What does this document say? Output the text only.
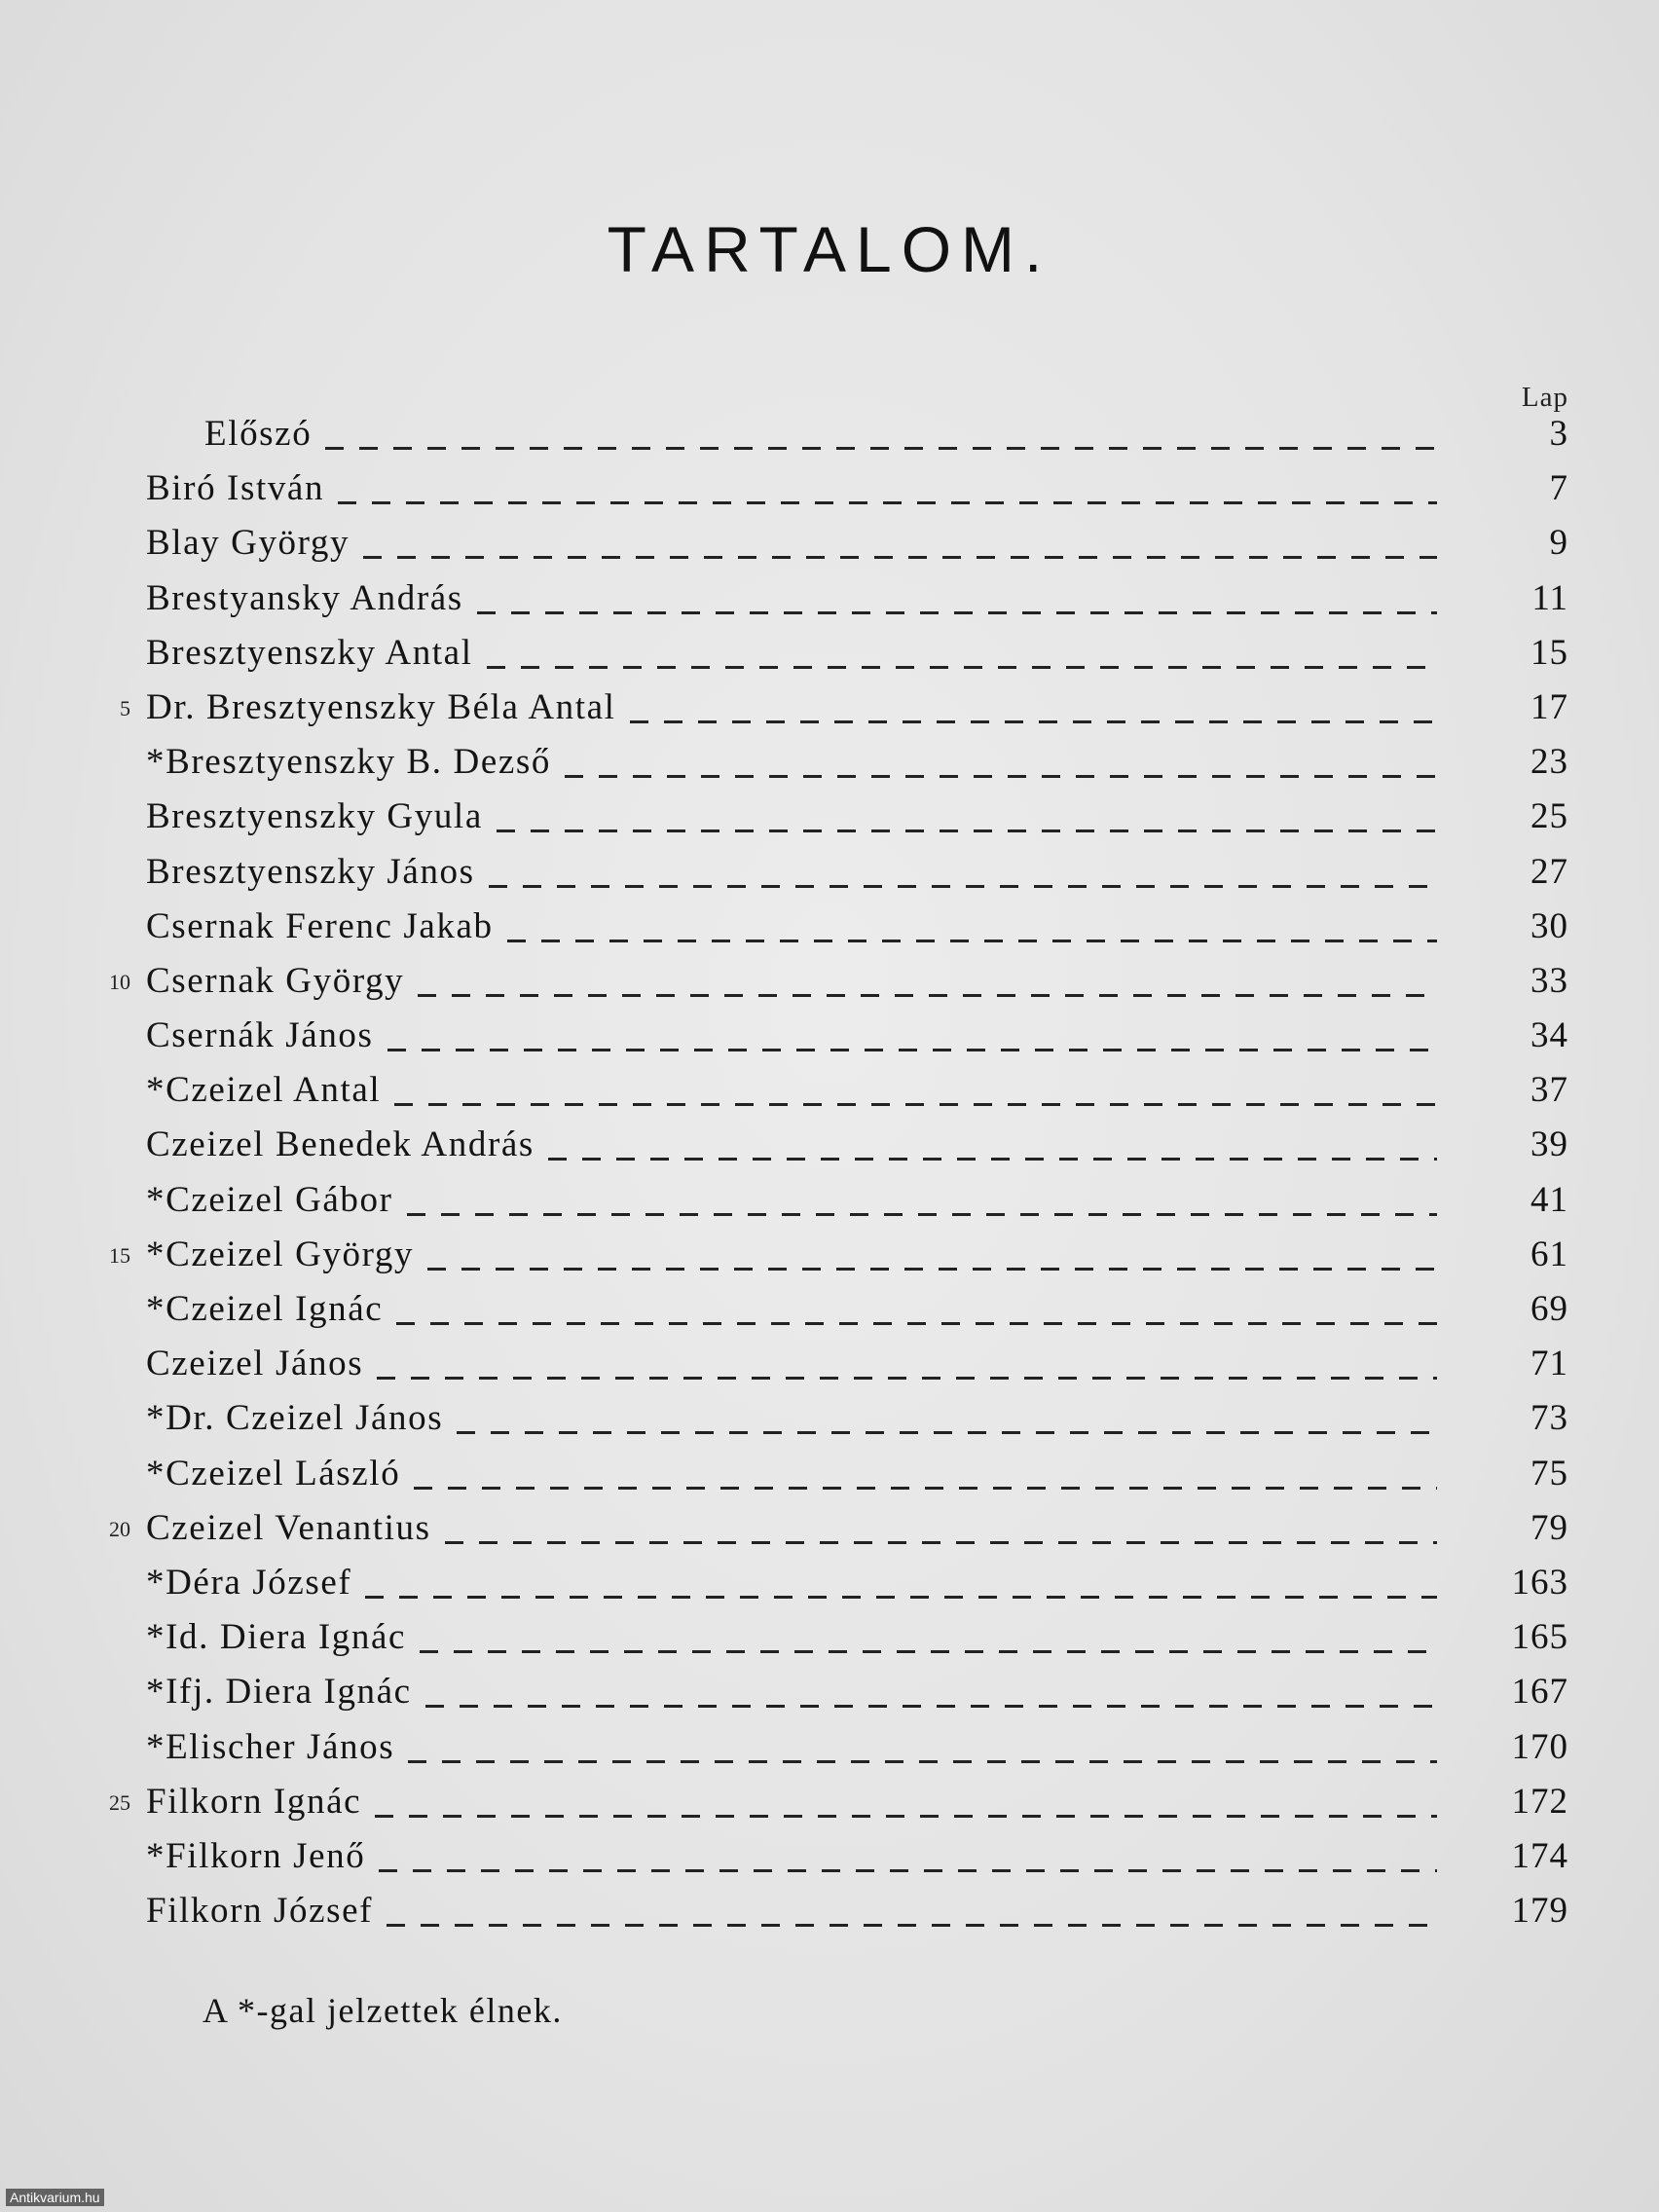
TARTALOM.
Lap
Előszó	3
Biró István	7
Blay György	9
Brestyansky András	11
Bresztyenszky Antal	15
5 Dr. Bresztyenszky Béla Antal	17
*Bresztyenszky B. Dezső	23
Bresztyenszky Gyula	25
Bresztyenszky János	27
Csernak Ferenc Jakab	30
10 Csernak György	33
Csernák János	34
*Czeizel Antal	37
Czeizel Benedek András	39
*Czeizel Gábor	41
15 *Czeizel György	61
*Czeizel Ignác	69
Czeizel János	71
*Dr. Czeizel János	73
*Czeizel László	75
20 Czeizel Venantius	79
*Déra József	163
*Id. Diera Ignác	165
*Ifj. Diera Ignác	167
*Elischer János	170
25 Filkorn Ignác	172
*Filkorn Jenő	174
Filkorn József	179
A *-gal jelzettek élnek.
Antikvarium.hu
